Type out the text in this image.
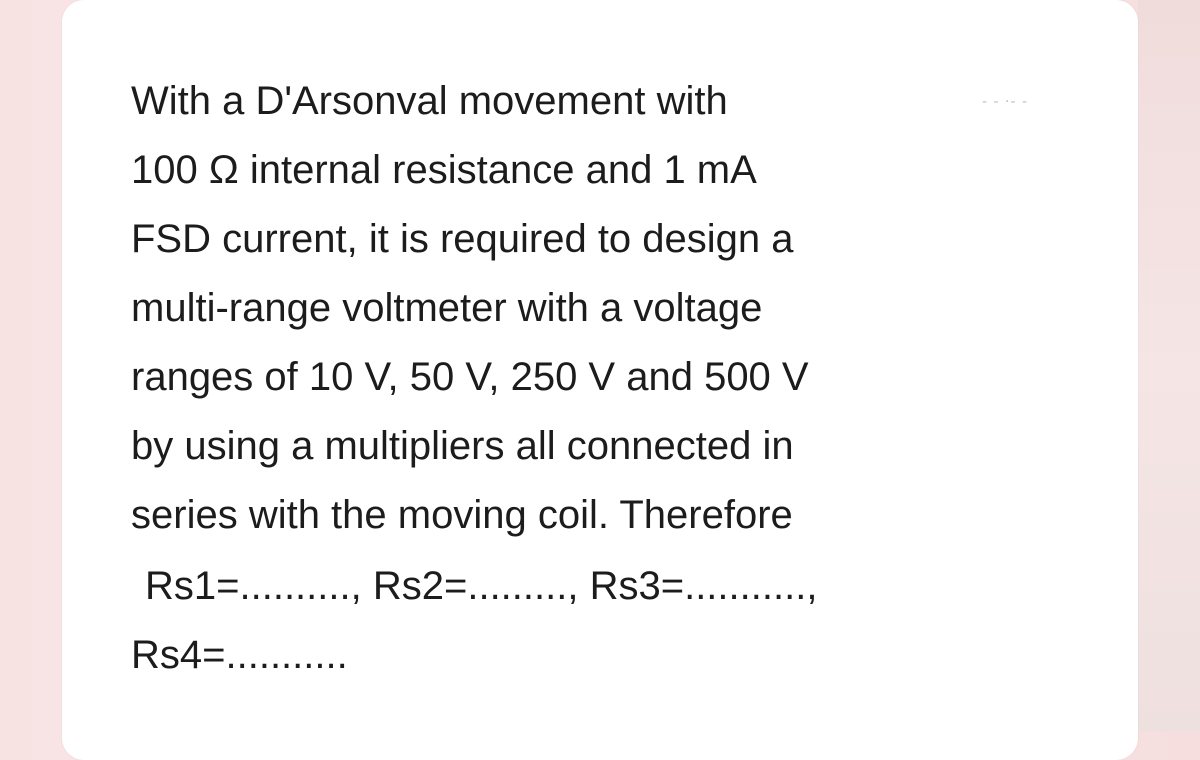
- - ·- -
With a D'Arsonval movement with
100 Ω internal resistance and 1 mA
FSD current, it is required to design a
multi-range voltmeter with a voltage
ranges of 10 V, 50 V, 250 V and 500 V
by using a multipliers all connected in
series with the moving coil. Therefore
Rs1=.........., Rs2=........., Rs3=...........,
Rs4=...........
